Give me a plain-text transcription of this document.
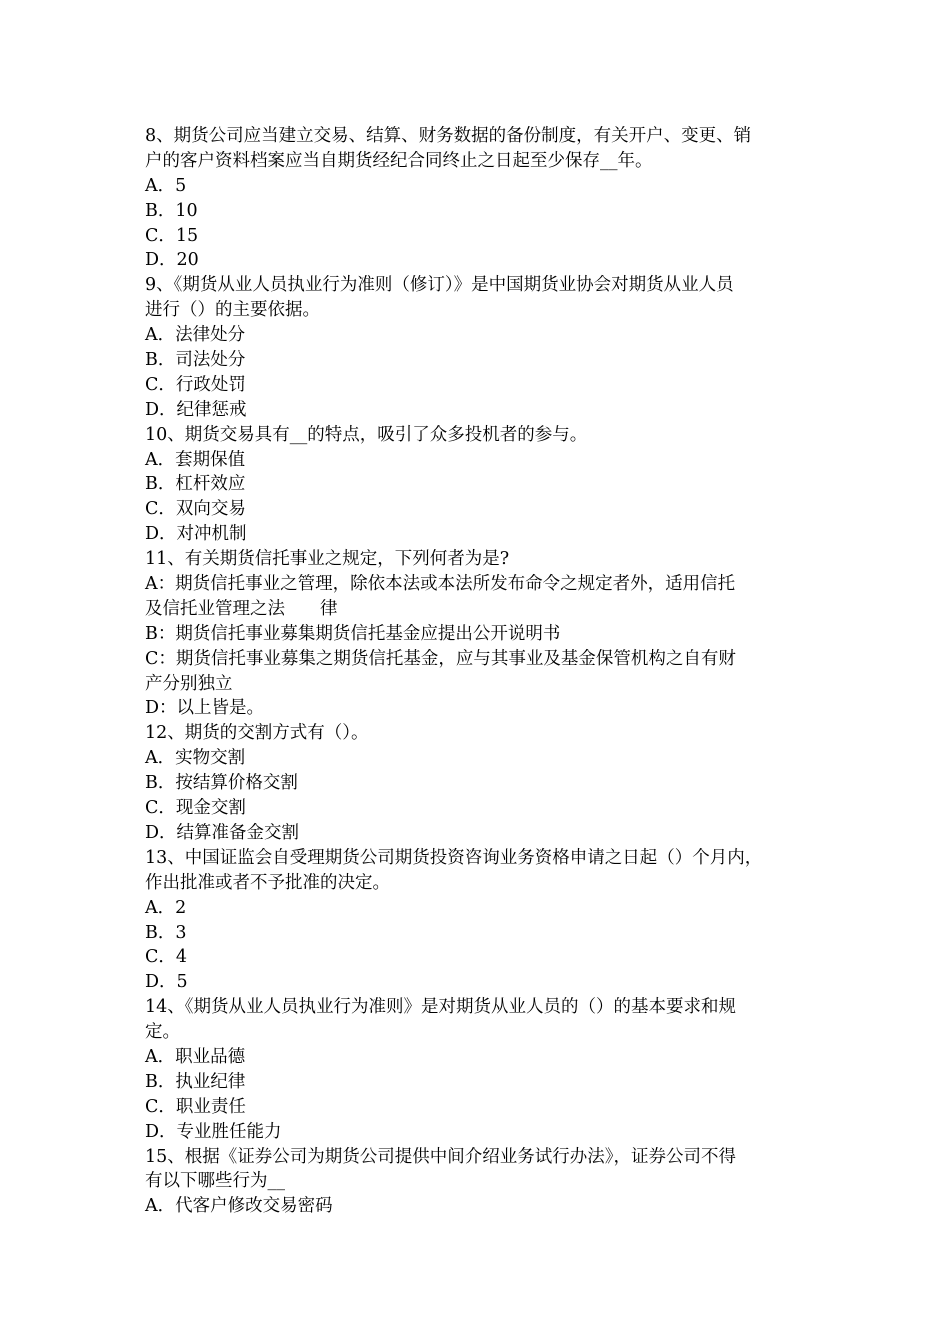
8、期货公司应当建立交易、结算、财务数据的备份制度，有关开户、变更、销
户的客户资料档案应当自期货经纪合同终止之日起至少保存__年。
A．5
B．10
C．15
D．20
9、《期货从业人员执业行为准则（修订）》是中国期货业协会对期货从业人员
进行（）的主要依据。
A．法律处分
B．司法处分
C．行政处罚
D．纪律惩戒
10、期货交易具有__的特点，吸引了众多投机者的参与。
A．套期保值
B．杠杆效应
C．双向交易
D．对冲机制
11、有关期货信托事业之规定，下列何者为是?
A：期货信托事业之管理，除依本法或本法所发布命令之规定者外，适用信托
及信托业管理之法　　律
B：期货信托事业募集期货信托基金应提出公开说明书
C：期货信托事业募集之期货信托基金，应与其事业及基金保管机构之自有财
产分别独立
D：以上皆是。
12、期货的交割方式有（）。
A．实物交割
B．按结算价格交割
C．现金交割
D．结算准备金交割
13、中国证监会自受理期货公司期货投资咨询业务资格申请之日起（）个月内，
作出批准或者不予批准的决定。
A．2
B．3
C．4
D．5
14、《期货从业人员执业行为准则》是对期货从业人员的（）的基本要求和规
定。
A．职业品德
B．执业纪律
C．职业责任
D．专业胜任能力
15、根据《证券公司为期货公司提供中间介绍业务试行办法》，证券公司不得
有以下哪些行为__
A．代客户修改交易密码
